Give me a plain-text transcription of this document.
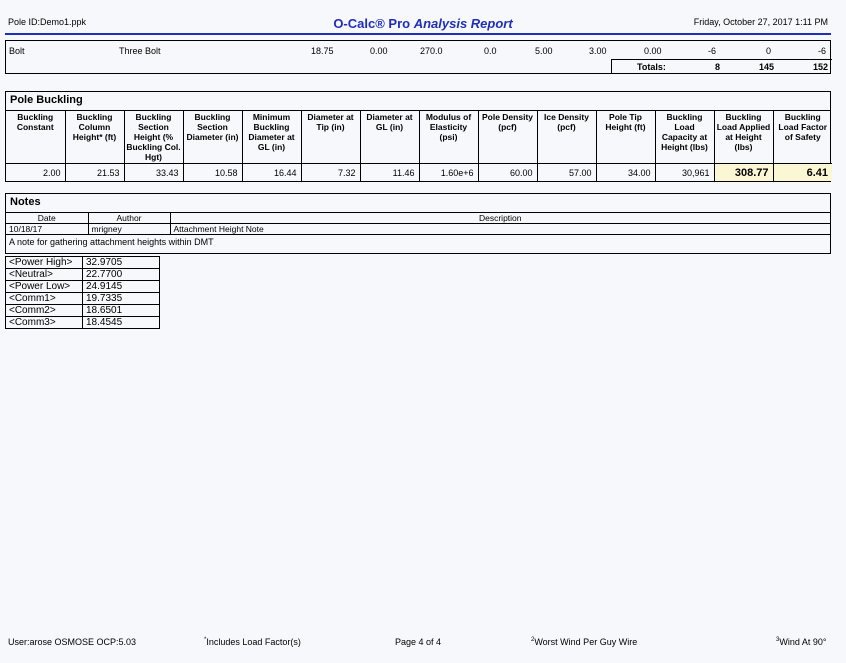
Pole ID:Demo1.ppk	O-Calc® Pro Analysis Report	Friday, October 27, 2017 1:11 PM
Bolt	Three Bolt	18.75	0.00	270.0	0.0	5.00	3.00	0.00	-6	0	-6
Totals:	8	145	152
Pole Buckling
Buckling Constant	Buckling Column Height* (ft)	Buckling Section Height (% Buckling Col. Hgt)	Buckling Section Diameter (in)	Minimum Buckling Diameter at GL (in)	Diameter at Tip (in)	Diameter at GL (in)	Modulus of Elasticity (psi)	Pole Density (pcf)	Ice Density (pcf)	Pole Tip Height (ft)	Buckling Load Capacity at Height (lbs)	Buckling Load Applied at Height (lbs)	Buckling Load Factor of Safety
2.00	21.53	33.43	10.58	16.44	7.32	11.46	1.60e+6	60.00	57.00	34.00	30,961	308.77	6.41
Notes
Date	Author	Description
10/18/17	mrigney	Attachment Height Note
A note for gathering attachment heights within DMT
<Power High>	32.9705
<Neutral>	22.7700
<Power Low>	24.9145
<Comm1>	19.7335
<Comm2>	18.6501
<Comm3>	18.4545
User:arose OSMOSE OCP:5.03	*Includes Load Factor(s)	Page 4 of 4	$^2$Worst Wind Per Guy Wire	$^3$Wind At 90°
